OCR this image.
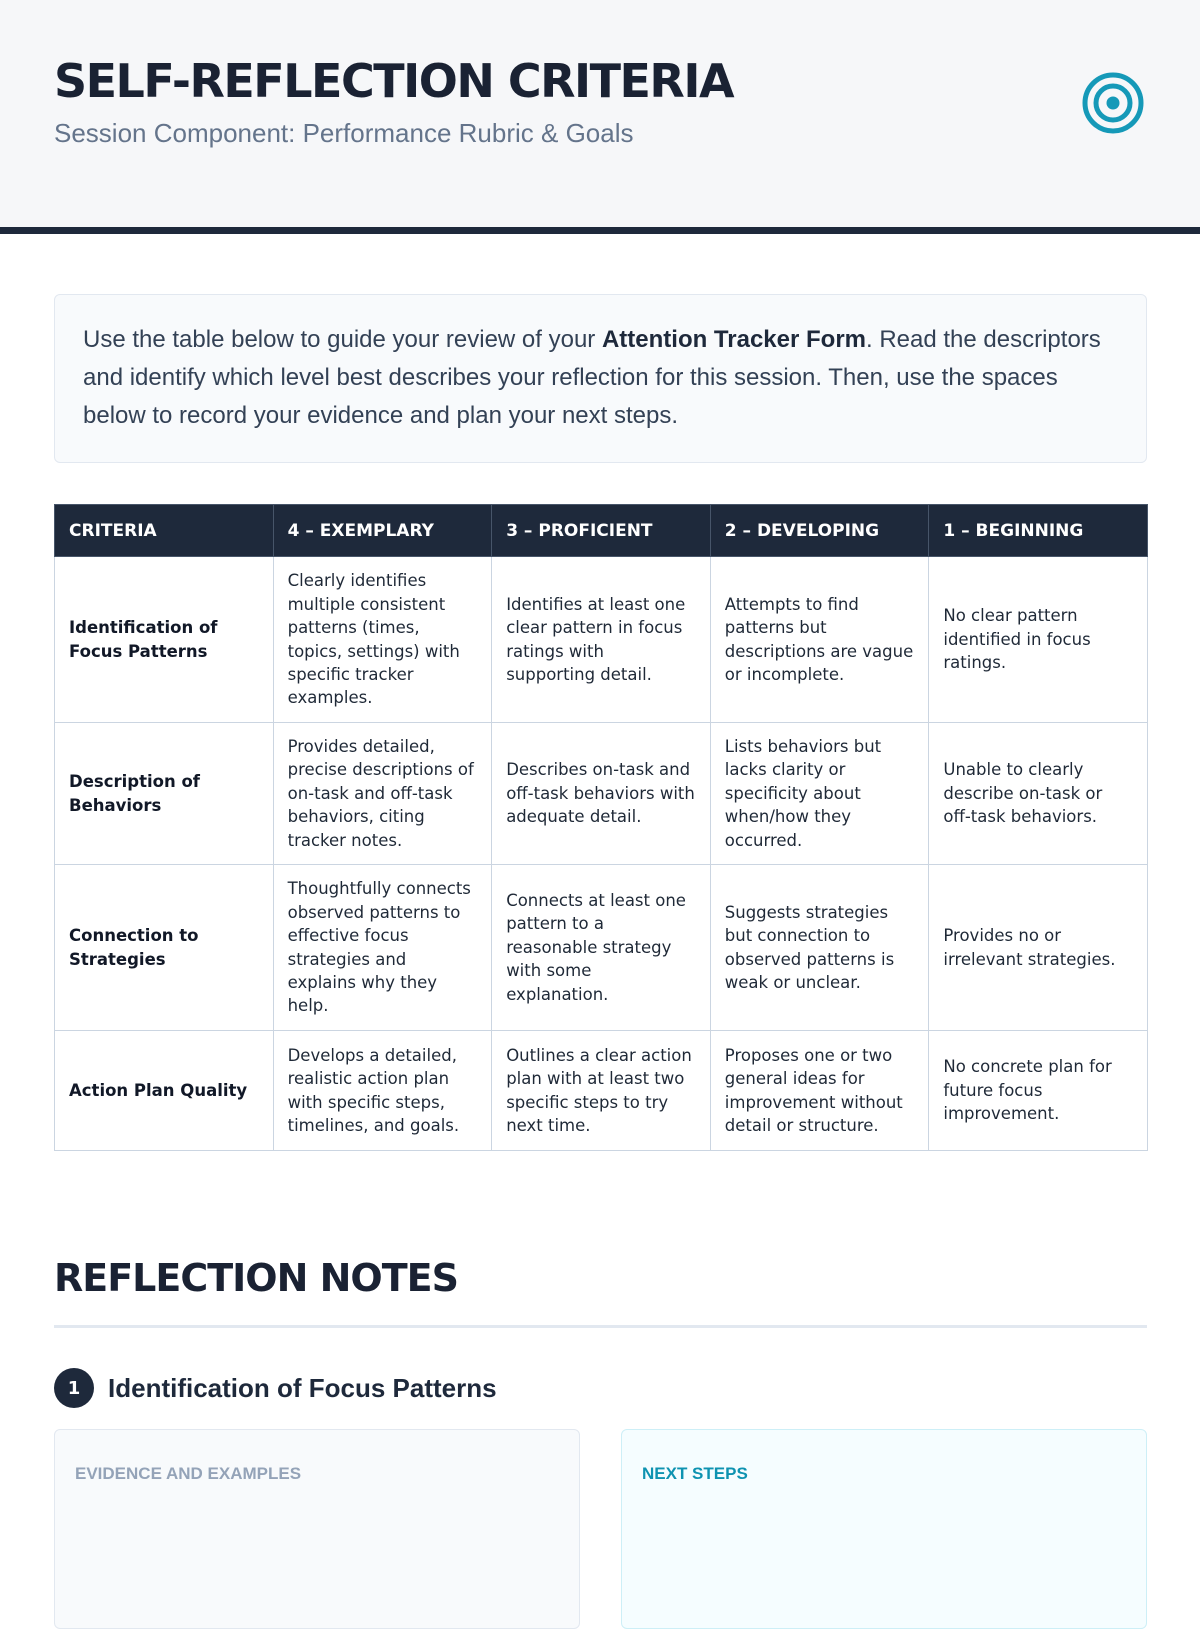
SELF-REFLECTION CRITERIA
Session Component: Performance Rubric & Goals
Use the table below to guide your review of your Attention Tracker Form. Read the descriptors and identify which level best describes your reflection for this session. Then, use the spaces below to record your evidence and plan your next steps.
CRITERIA	4 – EXEMPLARY	3 – PROFICIENT	2 – DEVELOPING	1 – BEGINNING
Identification of Focus Patterns	Clearly identifies multiple consistent patterns (times, topics, settings) with specific tracker examples.	Identifies at least one clear pattern in focus ratings with supporting detail.	Attempts to find patterns but descriptions are vague or incomplete.	No clear pattern identified in focus ratings.
Description of Behaviors	Provides detailed, precise descriptions of on-task and off-task behaviors, citing tracker notes.	Describes on-task and off-task behaviors with adequate detail.	Lists behaviors but lacks clarity or specificity about when/how they occurred.	Unable to clearly describe on-task or off-task behaviors.
Connection to Strategies	Thoughtfully connects observed patterns to effective focus strategies and explains why they help.	Connects at least one pattern to a reasonable strategy with some explanation.	Suggests strategies but connection to observed patterns is weak or unclear.	Provides no or irrelevant strategies.
Action Plan Quality	Develops a detailed, realistic action plan with specific steps, timelines, and goals.	Outlines a clear action plan with at least two specific steps to try next time.	Proposes one or two general ideas for improvement without detail or structure.	No concrete plan for future focus improvement.
REFLECTION NOTES
1	Identification of Focus Patterns
EVIDENCE AND EXAMPLES	NEXT STEPS
